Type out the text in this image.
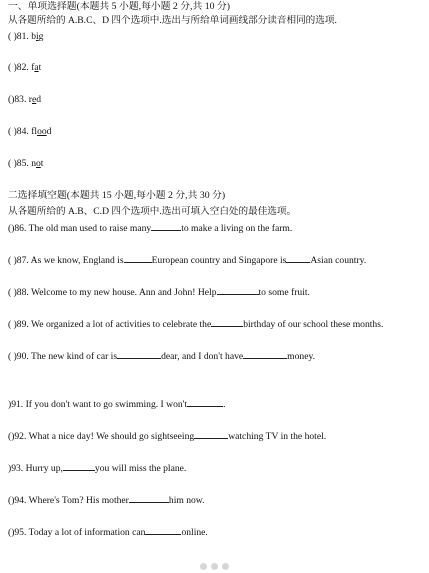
一、单项选择题(本题共 5 小题,每小题 2 分,共 10 分)
从各题所给的 A.B.C、D 四个选项中.选出与所给单词画线部分读音相同的选项.
( )81. big
( )82. fat
()83. red
( )84. flood
( )85. not
二选择填空题(本题共 15 小题,每小题 2 分,共 30 分)
从各题所给的 A.B、C.D 四个选项中.选出可填入空白处的最佳选项。
()86. The old man used to raise many	to make a living on the farm.
( )87. As we know, England is	European country and Singapore is	Asian country.
( )88. Welcome to my new house. Ann and John! Help	to some fruit.
( )89. We organized a lot of activities to celebrate the	birthday of our school these months.
( )90. The new kind of car is	dear, and I don't have	money.
)91. If you don't want to go swimming. I won't	.
()92. What a nice day! We should go sightseeing	watching TV in the hotel.
)93. Hurry up,	you will miss the plane.
()94. Where's Tom? His mother	him now.
()95. Today a lot of information can	online.
